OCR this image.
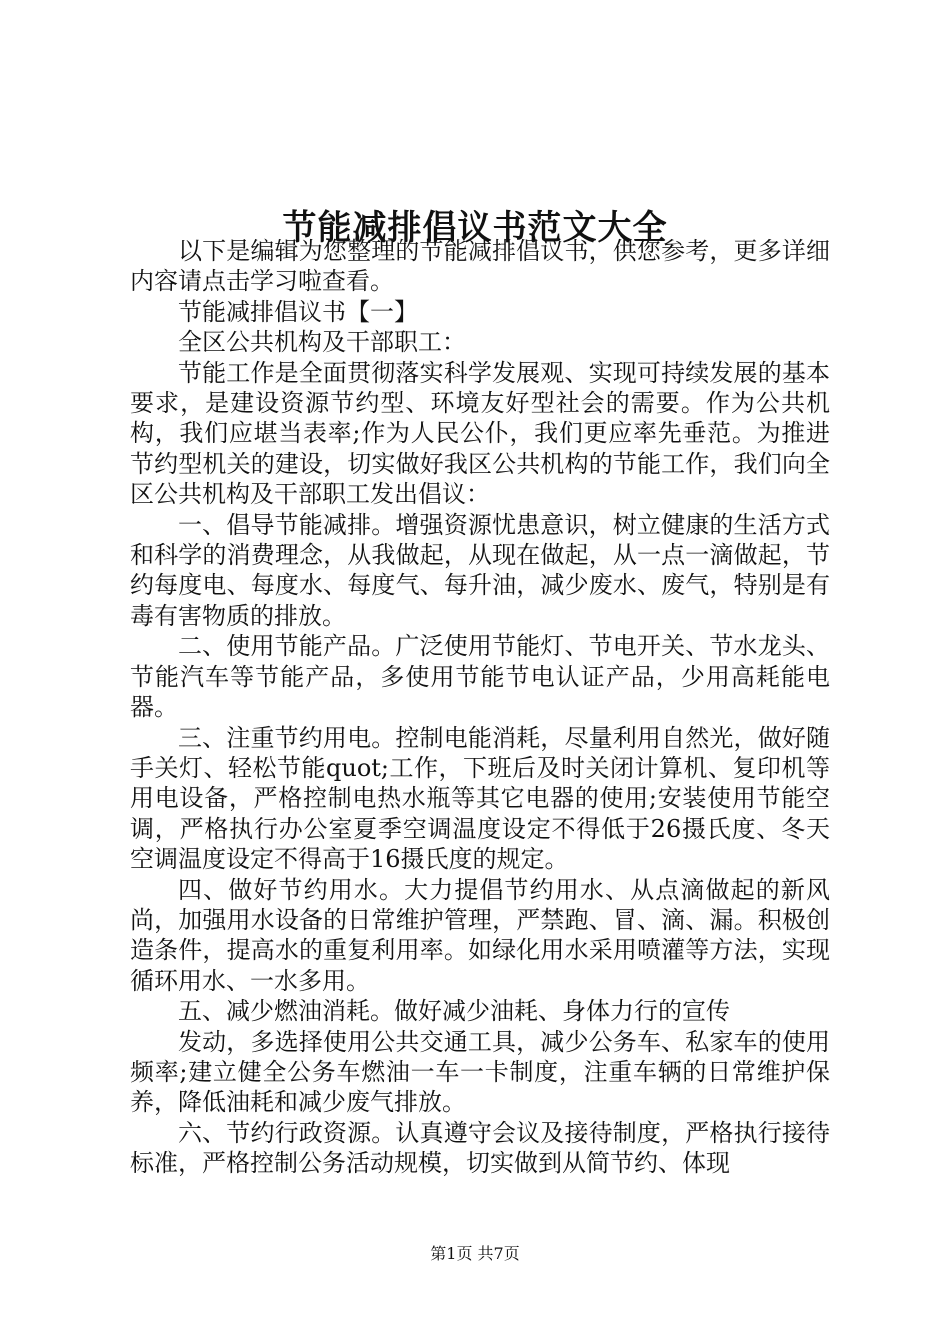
节能减排倡议书范文大全

以下是编辑为您整理的节能减排倡议书，供您参考，更多详细内容请点击学习啦查看。

节能减排倡议书【一】

全区公共机构及干部职工：

节能工作是全面贯彻落实科学发展观、实现可持续发展的基本要求，是建设资源节约型、环境友好型社会的需要。作为公共机构，我们应堪当表率;作为人民公仆，我们更应率先垂范。为推进节约型机关的建设，切实做好我区公共机构的节能工作，我们向全区公共机构及干部职工发出倡议：

一、倡导节能减排。增强资源忧患意识，树立健康的生活方式和科学的消费理念，从我做起，从现在做起，从一点一滴做起，节约每度电、每度水、每度气、每升油，减少废水、废气，特别是有毒有害物质的排放。

二、使用节能产品。广泛使用节能灯、节电开关、节水龙头、节能汽车等节能产品，多使用节能节电认证产品，少用高耗能电器。

三、注重节约用电。控制电能消耗，尽量利用自然光，做好随手关灯、轻松节能quot;工作，下班后及时关闭计算机、复印机等用电设备，严格控制电热水瓶等其它电器的使用;安装使用节能空调，严格执行办公室夏季空调温度设定不得低于26摄氏度、冬天空调温度设定不得高于16摄氏度的规定。

四、做好节约用水。大力提倡节约用水、从点滴做起的新风尚，加强用水设备的日常维护管理，严禁跑、冒、滴、漏。积极创造条件，提高水的重复利用率。如绿化用水采用喷灌等方法，实现循环用水、一水多用。

五、减少燃油消耗。做好减少油耗、身体力行的宣传

发动，多选择使用公共交通工具，减少公务车、私家车的使用频率;建立健全公务车燃油一车一卡制度，注重车辆的日常维护保养，降低油耗和减少废气排放。

六、节约行政资源。认真遵守会议及接待制度，严格执行接待标准，严格控制公务活动规模，切实做到从简节约、体现

第1页 共7页
